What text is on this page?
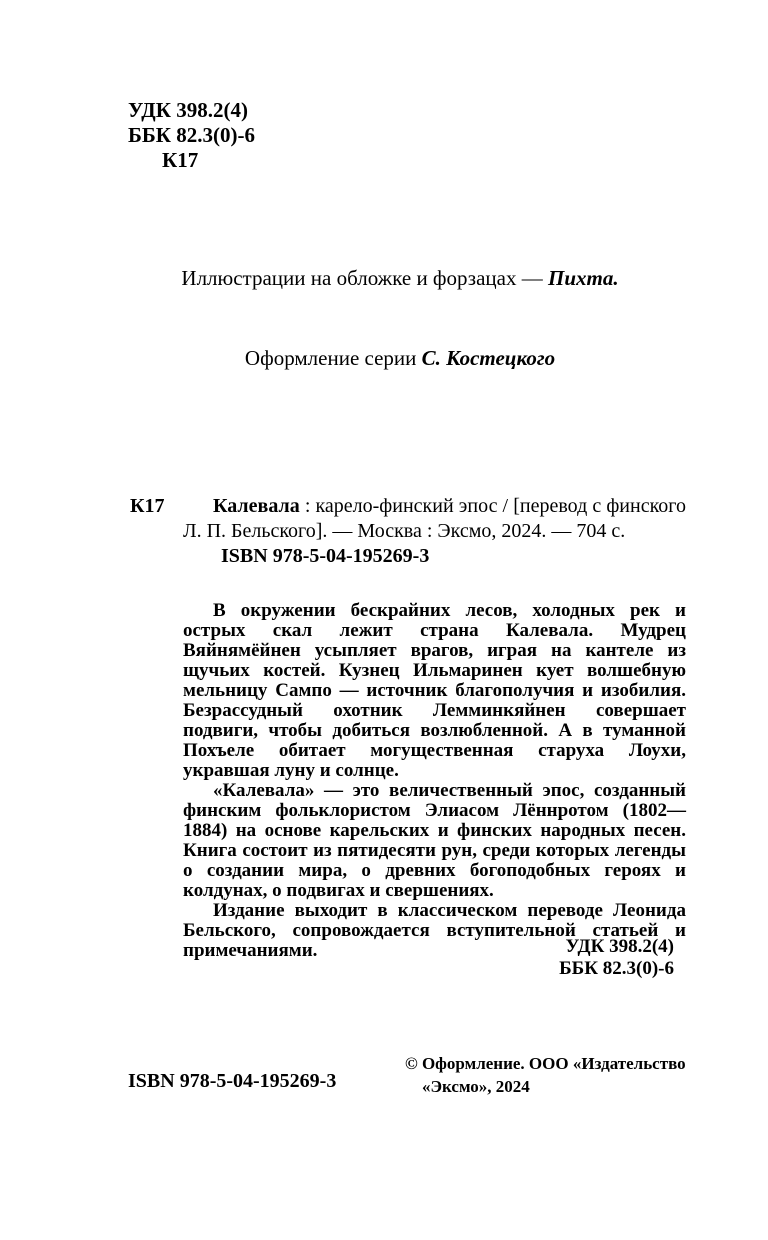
УДК 398.2(4)
ББК 82.3(0)-6
К17
Иллюстрации на обложке и форзацах — Пихта.
Оформление серии С. Костецкого
К17	Калевала : карело-финский эпос / [перевод с финского Л. П. Бельского]. — Москва : Эксмо, 2024. — 704 с.

ISBN 978-5-04-195269-3

В окружении бескрайних лесов, холодных рек и острых скал лежит страна Калевала. Мудрец Вяйнямёйнен усыпляет врагов, играя на кантеле из щучьих костей. Кузнец Ильмаринен кует волшебную мельницу Сампо — источник благополучия и изобилия. Безрассудный охотник Лемминкяйнен совершает подвиги, чтобы добиться возлюбленной. А в туманной Похъеле обитает могущественная старуха Лоухи, укравшая луну и солнце.

«Калевала» — это величественный эпос, созданный финским фольклористом Элиасом Лённротом (1802—1884) на основе карельских и финских народных песен. Книга состоит из пятидесяти рун, среди которых легенды о создании мира, о древних богоподобных героях и колдунах, о подвигах и свершениях.

Издание выходит в классическом переводе Леонида Бельского, сопровождается вступительной статьей и примечаниями.	УДК 398.2(4)
ББК 82.3(0)-6
ISBN 978-5-04-195269-3
© Оформление. ООО «Издательство
«Эксмо», 2024
